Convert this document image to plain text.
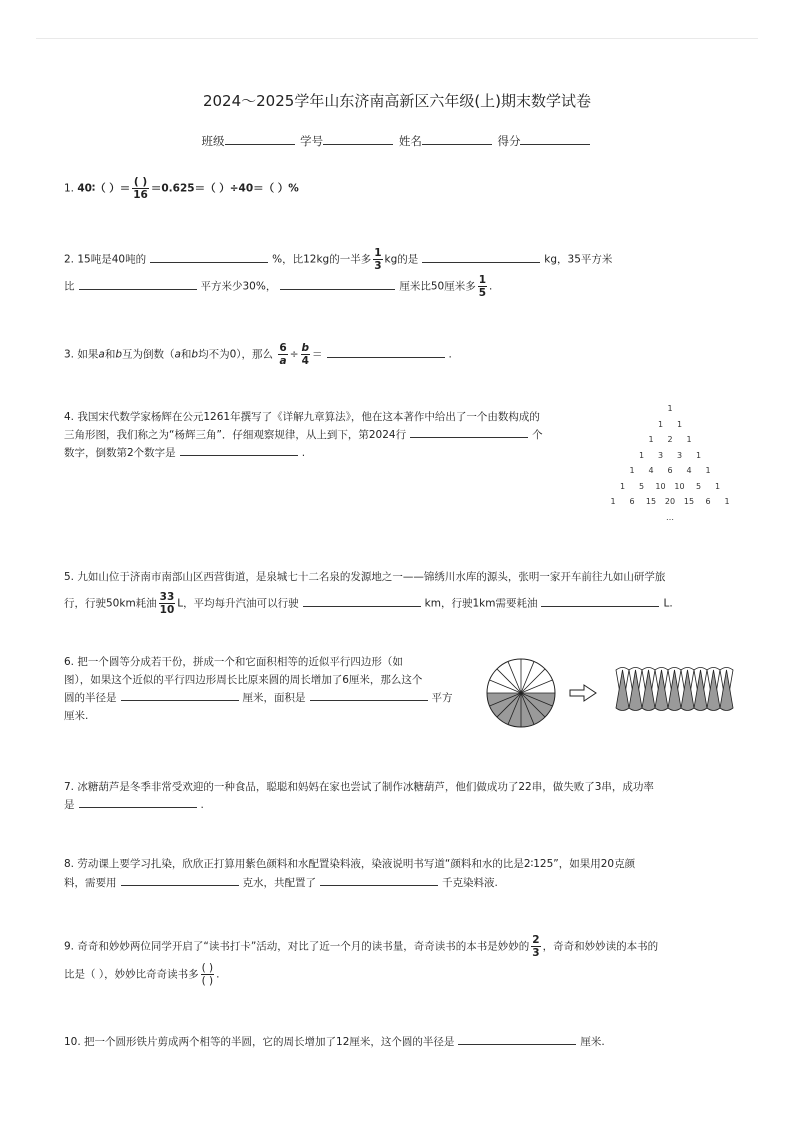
2024～2025学年山东济南高新区六年级(上)期末数学试卷
班级	学号	姓名	得分
1. 40∶（ ）＝ $\frac{( )}{16} =0.625=$（ ）÷40＝（ ）%
2. 15吨是40吨的	%，比12kg的一半多 $\frac{1}{3}$ kg的是	kg，35平方米
比	平方米少30%，	厘米比50厘米多 $\frac{1}{5}$ .
3. 如果a和b互为倒数（a和b均不为0），那么 $\frac{6}{a} \div \frac{b}{4}$ ＝	.
4. 我国宋代数学家杨辉在公元1261年撰写了《详解九章算法》，他在这本著作中给出了一个由数构成的
三角形图，我们称之为“杨辉三角”．仔细观察规律，从上到下，第2024行	个
数字，倒数第2个数字是	.
1
1	1
1	2	1
1	3	3	1
1	4	6	4	1
1	5	10	10	5	1
1	6	15	20	15	6	1
…
5. 九如山位于济南市南部山区西营街道，是泉城七十二名泉的发源地之一——锦绣川水库的源头，张明一家开车前往九如山研学旅
行，行驶50km耗油 $\frac{33}{10}$ L，平均每升汽油可以行驶	km，行驶1km需要耗油	L.
6. 把一个圆等分成若干份，拼成一个和它面积相等的近似平行四边形（如
图），如果这个近似的平行四边形周长比原来圆的周长增加了6厘米，那么这个
圆的半径是	厘米，面积是	平方
厘米.
7. 冰糖葫芦是冬季非常受欢迎的一种食品，聪聪和妈妈在家也尝试了制作冰糖葫芦，他们做成功了22串，做失败了3串，成功率
是	.
8. 劳动课上要学习扎染，欣欣正打算用紫色颜料和水配置染料液，染液说明书写道“颜料和水的比是2∶125”，如果用20克颜
料，需要用	克水，共配置了	千克染料液.
9. 奇奇和妙妙两位同学开启了“读书打卡”活动，对比了近一个月的读书量，奇奇读书的本书是妙妙的 $\frac{2}{3}$ ，奇奇和妙妙读的本书的
比是（ ），妙妙比奇奇读书多 $\frac{( )}{( )}$ .
10. 把一个圆形铁片剪成两个相等的半圆，它的周长增加了12厘米，这个圆的半径是	厘米.
